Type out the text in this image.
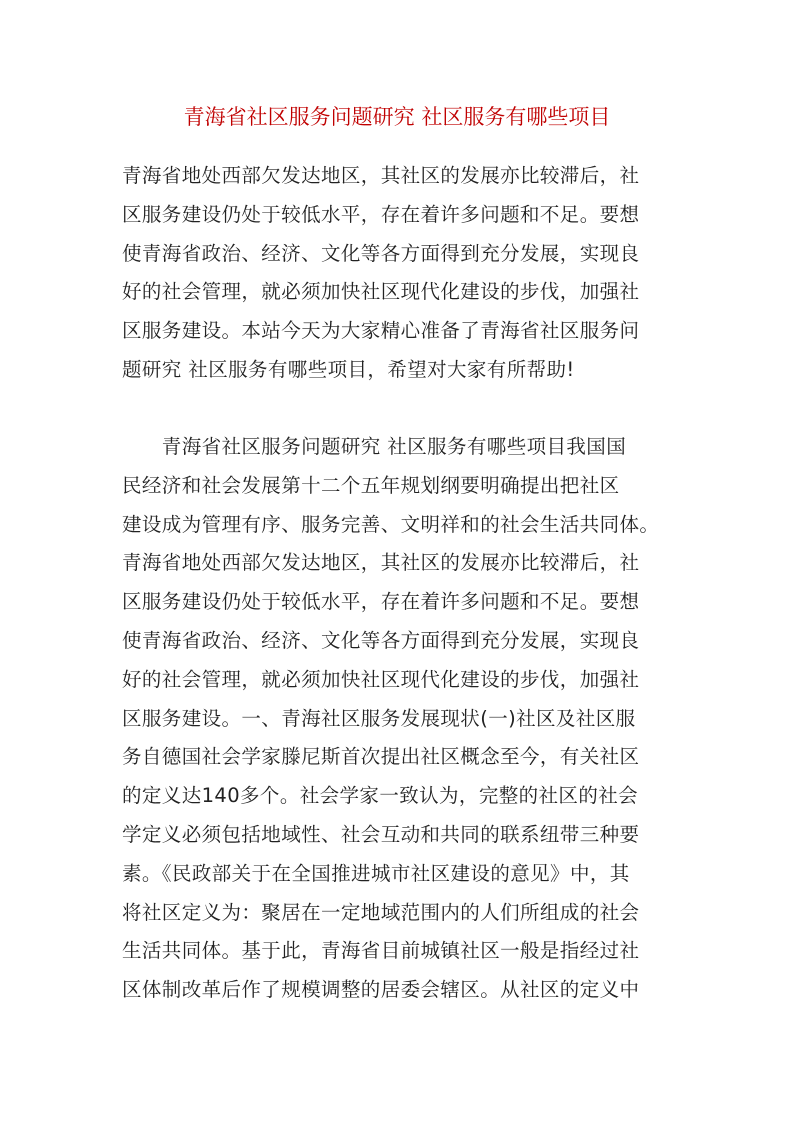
青海省社区服务问题研究 社区服务有哪些项目
青海省地处西部欠发达地区，其社区的发展亦比较滞后，社
区服务建设仍处于较低水平，存在着许多问题和不足。要想
使青海省政治、经济、文化等各方面得到充分发展，实现良
好的社会管理，就必须加快社区现代化建设的步伐，加强社
区服务建设。本站今天为大家精心准备了青海省社区服务问
题研究 社区服务有哪些项目，希望对大家有所帮助!
　　青海省社区服务问题研究 社区服务有哪些项目我国国
民经济和社会发展第十二个五年规划纲要明确提出把社区
建设成为管理有序、服务完善、文明祥和的社会生活共同体。
青海省地处西部欠发达地区，其社区的发展亦比较滞后，社
区服务建设仍处于较低水平，存在着许多问题和不足。要想
使青海省政治、经济、文化等各方面得到充分发展，实现良
好的社会管理，就必须加快社区现代化建设的步伐，加强社
区服务建设。一、青海社区服务发展现状(一)社区及社区服
务自德国社会学家滕尼斯首次提出社区概念至今，有关社区
的定义达140多个。社会学家一致认为，完整的社区的社会
学定义必须包括地域性、社会互动和共同的联系纽带三种要
素。《民政部关于在全国推进城市社区建设的意见》中，其
将社区定义为：聚居在一定地域范围内的人们所组成的社会
生活共同体。基于此，青海省目前城镇社区一般是指经过社
区体制改革后作了规模调整的居委会辖区。从社区的定义中
